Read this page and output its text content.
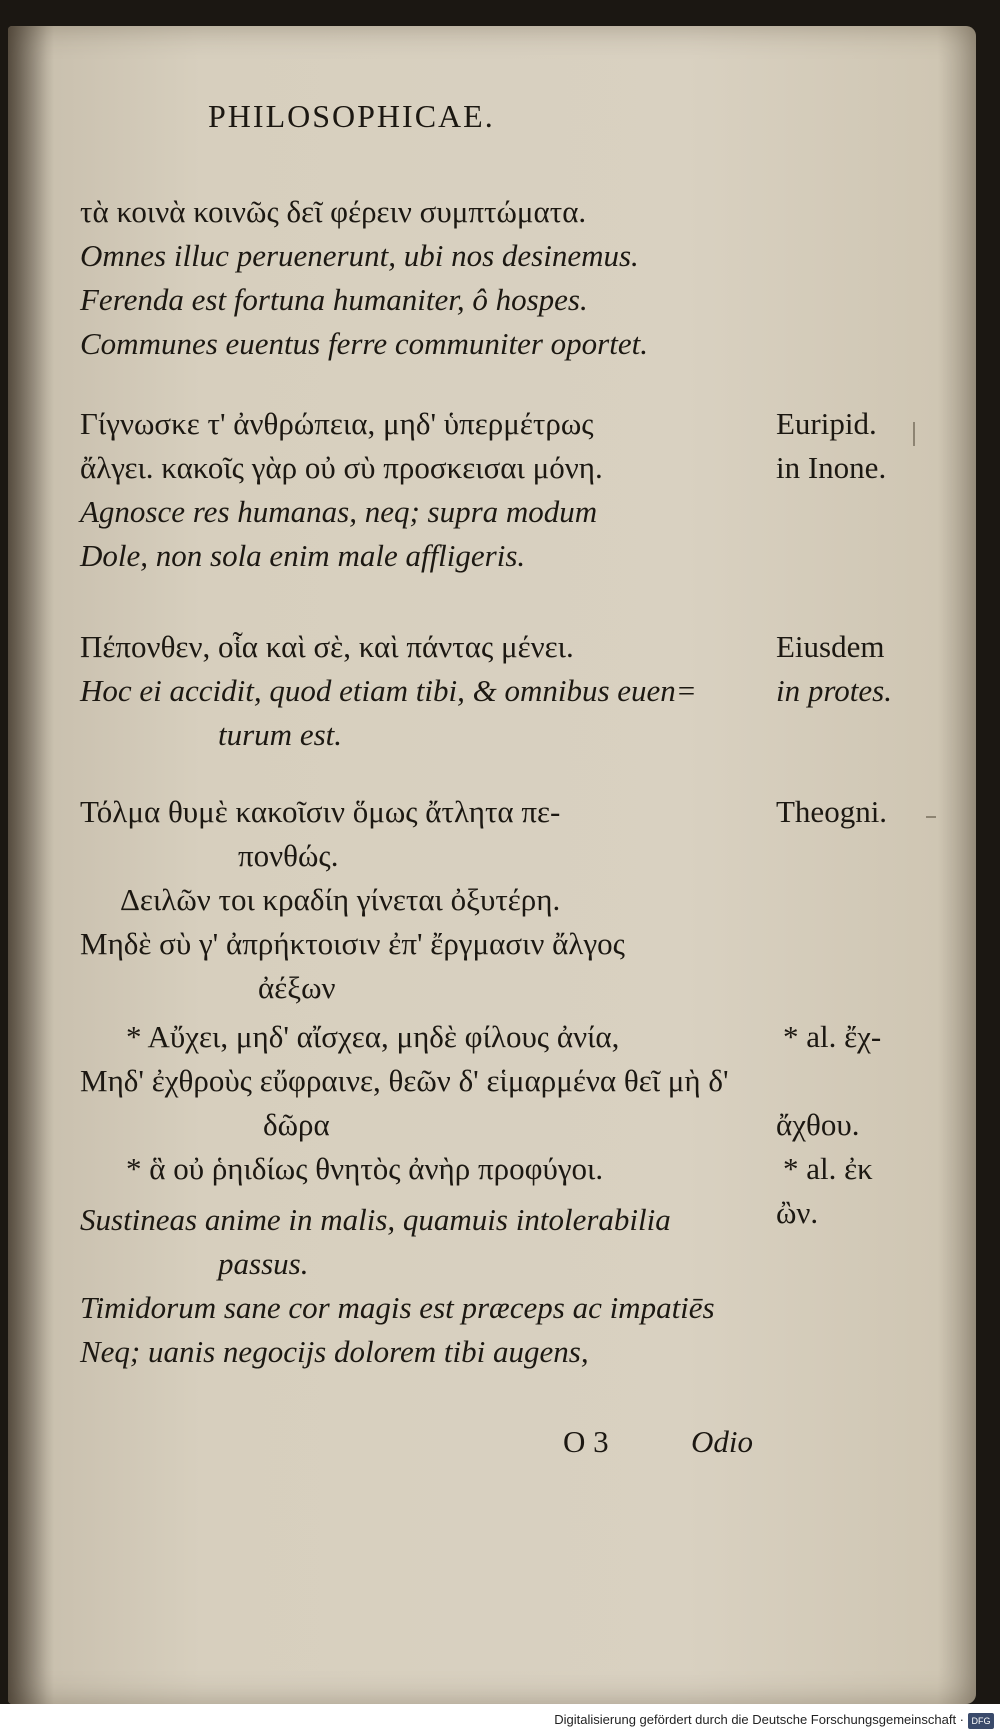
PHILOSOPHICAE.
τὰ κοινὰ κοινῶς δεῖ φέρειν συμπτώματα.
Omnes illuc peruenerunt, ubi nos desinemus.
Ferenda est fortuna humaniter, ô hospes.
Communes euentus ferre communiter oportet.
Γίγνωσκε τ' ἀνθρώπεια, μηδ' ὑπερμέτρως
ἄλγει. κακοῖς γὰρ οὐ σὺ προσκεισαι μόνη.
Agnosce res humanas, neq; supra modum
Dole, non sola enim male affligeris.
Πέπονθεν, οἷα καὶ σὲ, καὶ πάντας μένει.
Hoc ei accidit, quod etiam tibi, & omnibus euen=
turum est.
Τόλμα θυμὲ κακοῖσιν ὅμως ἄτλητα πε-
πονθώς.
Δειλῶν τοι κραδίη γίνεται ὀξυτέρη.
Μηδὲ σὺ γ' ἀπρήκτοισιν ἐπ' ἔργμασιν ἄλγος
ἀέξων
* Αὔχει, μηδ' αἴσχεα, μηδὲ φίλους ἀνία,
Μηδ' ἐχθροὺς εὔφραινε, θεῶν δ' εἱμαρμένα θεῖ μὴ δ'
δῶρα
* ἃ οὐ ῥηιδίως θνητὸς ἀνὴρ προφύγοι.
Sustineas anime in malis, quamuis intolerabilia
passus.
Timidorum sane cor magis est præceps ac impatiēs
Neq; uanis negocijs dolorem tibi augens,
Euripid.
in Inone.
Eiusdem
in protes.
Theogni.
* al. ἔχ-
ἄχθου.
* al. ἐκ
ὢν.
O 3	Odio
Digitalisierung gefördert durch die Deutsche Forschungsgemeinschaft · DFG
